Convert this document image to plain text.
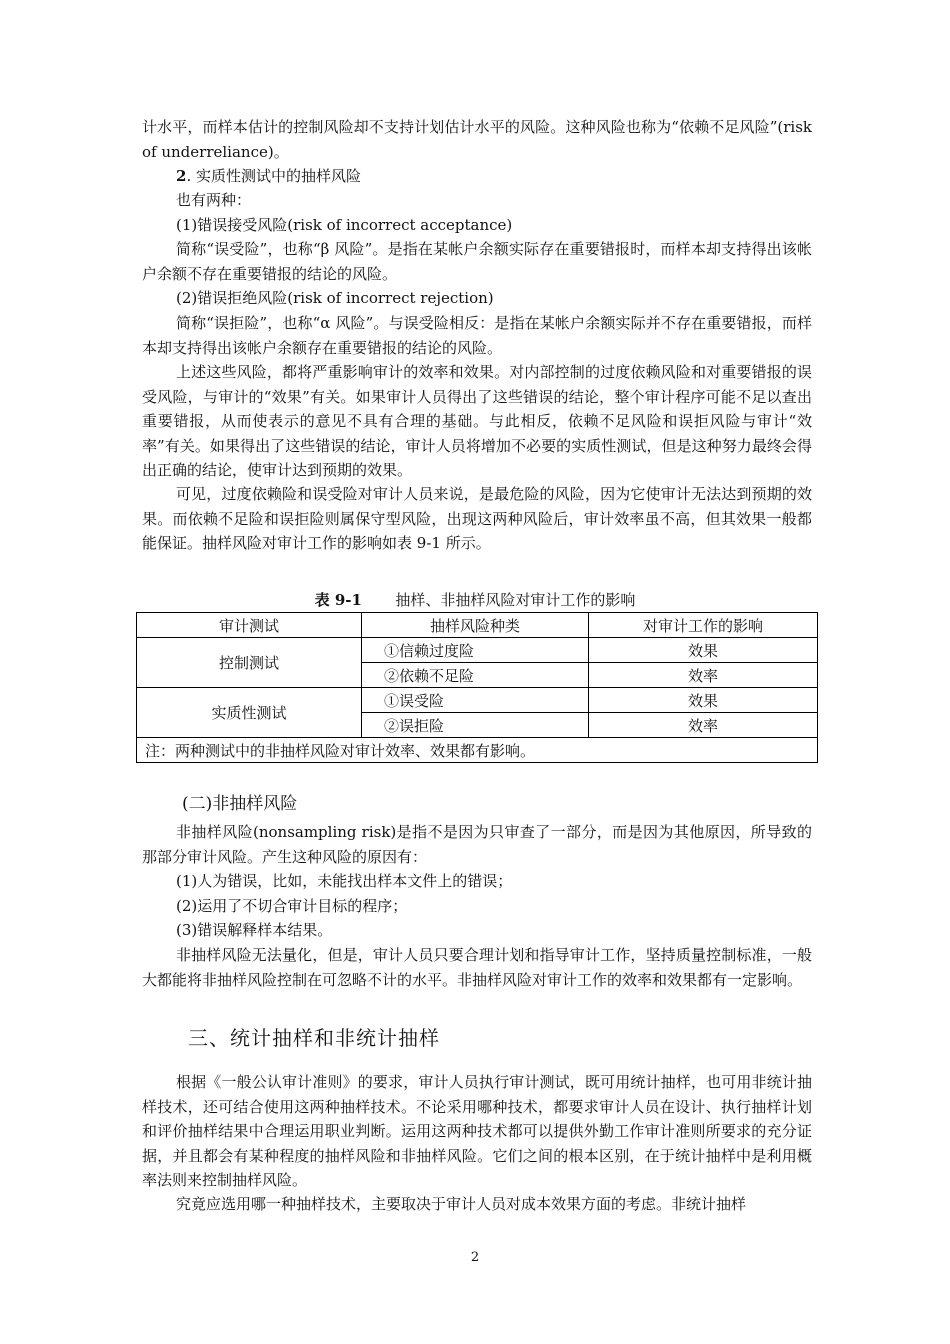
计水平，而样本估计的控制风险却不支持计划估计水平的风险。这种风险也称为“依赖不足风险”(risk of underreliance)。

2. 实质性测试中的抽样风险

也有两种：

(1)错误接受风险(risk of incorrect acceptance)

简称“误受险”，也称“β 风险”。是指在某帐户余额实际存在重要错报时，而样本却支持得出该帐户余额不存在重要错报的结论的风险。

(2)错误拒绝风险(risk of incorrect rejection)

简称“误拒险”，也称“α 风险”。与误受险相反：是指在某帐户余额实际并不存在重要错报，而样本却支持得出该帐户余额存在重要错报的结论的风险。

上述这些风险，都将严重影响审计的效率和效果。对内部控制的过度依赖风险和对重要错报的误受风险，与审计的“效果”有关。如果审计人员得出了这些错误的结论，整个审计程序可能不足以查出重要错报，从而使表示的意见不具有合理的基础。与此相反，依赖不足风险和误拒风险与审计“效率”有关。如果得出了这些错误的结论，审计人员将增加不必要的实质性测试，但是这种努力最终会得出正确的结论，使审计达到预期的效果。

可见，过度依赖险和误受险对审计人员来说，是最危险的风险，因为它使审计无法达到预期的效果。而依赖不足险和误拒险则属保守型风险，出现这两种风险后，审计效率虽不高，但其效果一般都能保证。抽样风险对审计工作的影响如表 9-1 所示。

表 9-1 抽样、非抽样风险对审计工作的影响
审计测试	抽样风险种类	对审计工作的影响
控制测试	①信赖过度险	效果
	②依赖不足险	效率
实质性测试	①误受险	效果
	②误拒险	效率
注：两种测试中的非抽样风险对审计效率、效果都有影响。		
(二)非抽样风险

非抽样风险(nonsampling risk)是指不是因为只审查了一部分，而是因为其他原因，所导致的那部分审计风险。产生这种风险的原因有：

(1)人为错误，比如，未能找出样本文件上的错误；

(2)运用了不切合审计目标的程序；

(3)错误解释样本结果。

非抽样风险无法量化，但是，审计人员只要合理计划和指导审计工作，坚持质量控制标准，一般大都能将非抽样风险控制在可忽略不计的水平。非抽样风险对审计工作的效率和效果都有一定影响。

三、统计抽样和非统计抽样

根据《一般公认审计准则》的要求，审计人员执行审计测试，既可用统计抽样，也可用非统计抽样技术，还可结合使用这两种抽样技术。不论采用哪种技术，都要求审计人员在设计、执行抽样计划和评价抽样结果中合理运用职业判断。运用这两种技术都可以提供外勤工作审计准则所要求的充分证据，并且都会有某种程度的抽样风险和非抽样风险。它们之间的根本区别，在于统计抽样中是利用概率法则来控制抽样风险。

究竟应选用哪一种抽样技术，主要取决于审计人员对成本效果方面的考虑。非统计抽样

2
